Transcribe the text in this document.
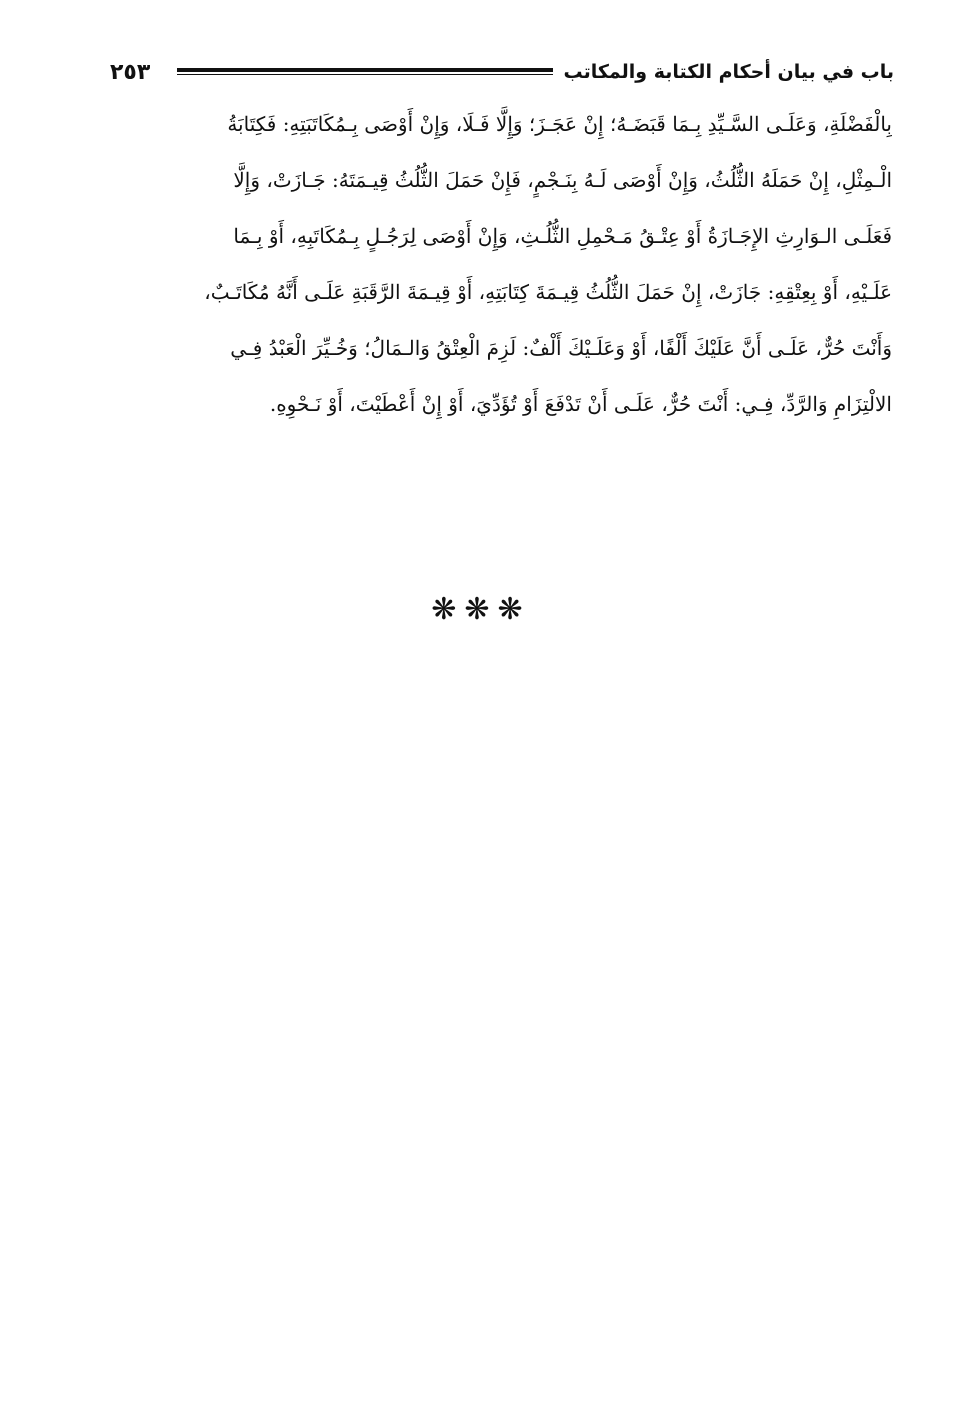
٢٥٣	باب في بيان أحكام الكتابة والمكاتب
بِالْفَضْلَةِ، وَعَلَـى السَّـيِّدِ بِـمَا قَبَضَـهُ؛ إِنْ عَجَـزَ؛ وَإِلَّا فَـلَا، وَإِنْ أَوْصَى بِـمُكَاتَبَتِهِ: فَكِتَابَةُ
الْـمِثْلِ، إِنْ حَمَلَهُ الثُّلُثُ، وَإِنْ أَوْصَى لَـهُ بِنَـجْمٍ، فَإِنْ حَمَلَ الثُّلُثُ قِيـمَتَهُ: جَـازَتْ، وَإِلَّا
فَعَلَـى الـوَارِثِ الإِجَـازَةُ أَوْ عِتْـقُ مَـحْمِلِ الثُّلُـثِ، وَإِنْ أَوْصَى لِرَجُـلٍ بِـمُكَاتَبِهِ، أَوْ بِـمَا
عَلَـيْهِ، أَوْ بِعِتْقِهِ: جَازَتْ، إِنْ حَمَلَ الثُّلُثُ قِيـمَةَ كِتَابَتِهِ، أَوْ قِيـمَةَ الرَّقَبَةِ عَلَـى أَنَّهُ مُكَاتَـبٌ،
وَأَنْتَ حُرٌّ، عَلَـى أَنَّ عَلَيْكَ أَلْفًا، أَوْ وَعَلَـيْكَ أَلْفٌ: لَزِمَ الْعِتْقُ وَالـمَالُ؛ وَخُـيِّرَ الْعَبْدُ فِـي
الالْتِزَامِ وَالرَّدِّ، فِـي: أَنْتَ حُرٌّ، عَلَـى أَنْ تَدْفَعَ أَوْ تُؤَدِّيَ، أَوْ إِنْ أَعْطَيْتَ، أَوْ نَـحْوِهِ.
❋❋❋
